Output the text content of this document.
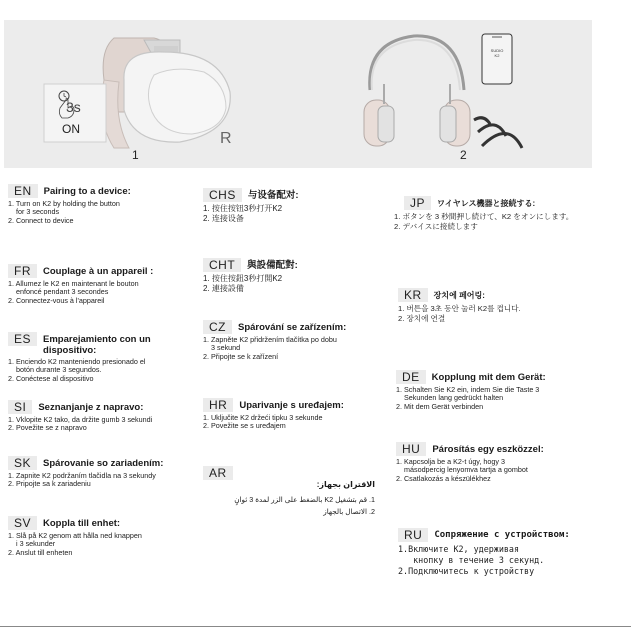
3s
ON
R
SUDIO
K2
1	2
EN	Pairing to a device:
1. Turn on K2 by holding the button
for 3 seconds
2. Connect to device
FR	Couplage à un appareil :
1. Allumez le K2 en maintenant le bouton
enfoncé pendant 3 secondes
2. Connectez-vous à l'appareil
ES	Emparejamiento con un dispositivo:
1. Enciendo K2 manteniendo presionado el
botón durante 3 segundos.
2. Conéctese al dispositivo
SI	Seznanjanje z napravo:
1. Vklopite K2 tako, da držite gumb 3 sekundi
2. Povežite se z napravo
SK	Spárovanie so zariadením:
1. Zapnite K2 podržaním tlačidla na 3 sekundy
2. Pripojte sa k zariadeniu
SV	Koppla till enhet:
1. Slå på K2 genom att hålla ned knappen
i 3 sekunder
2. Anslut till enheten
CHS	与设备配对:
1. 按住按钮3秒打开K2
2. 连接设备
CHT	與設備配對:
1. 按住按鈕3秒打開K2
2. 連接設備
CZ	Spárování se zařízením:
1. Zapněte K2 přidržením tlačítka po dobu
3 sekund
2. Připojte se k zařízení
HR	Uparivanje s uređajem:
1. Uključite K2 držeći tipku 3 sekunde
2. Povežite se s uređajem
AR
الاقتران بجهاز:
1. قم بتشغيل K2 بالضغط على الزر لمدة 3 ثوانٍ
2. الاتصال بالجهاز
JP	ワイヤレス機器と接続する:
1. ボタンを 3 秒間押し続けて、K2 をオンにします。
2. デバイスに接続します
KR	장치에 페어링:
1. 버튼을 3초 동안 눌러 K2를 켭니다.
2. 장치에 연결
DE	Kopplung mit dem Gerät:
1. Schalten Sie K2 ein, indem Sie die Taste 3
Sekunden lang gedrückt halten
2. Mit dem Gerät verbinden
HU	Párosítás egy eszközzel:
1. Kapcsolja be a K2-t úgy, hogy 3
másodpercig lenyomva tartja a gombot
2. Csatlakozás a készülékhez
RU	Сопряжение с устройством:
1.Включите K2, удерживая
кнопку в течение 3 секунд.
2.Подключитесь к устройству
